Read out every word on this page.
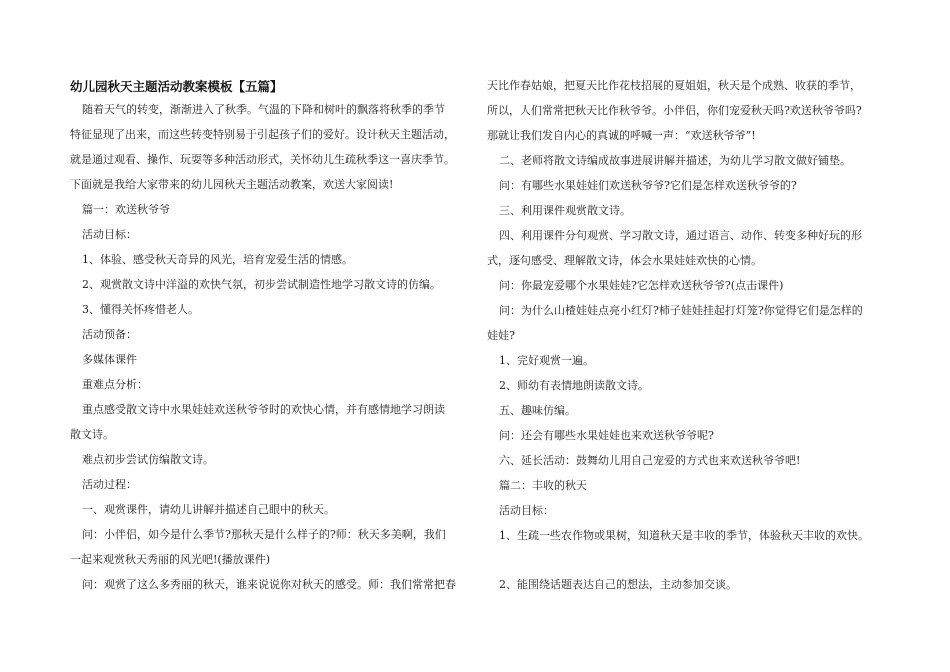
幼儿园秋天主题活动教案模板【五篇】
随着天气的转变，渐渐进入了秋季。气温的下降和树叶的飘落将秋季的季节
特征显现了出来，而这些转变特别易于引起孩子们的爱好。设计秋天主题活动，
就是通过观看、操作、玩耍等多种活动形式，关怀幼儿生疏秋季这一喜庆季节。
下面就是我给大家带来的幼儿园秋天主题活动教案，欢送大家阅读!
篇一：欢送秋爷爷
活动目标：
1、体验、感受秋天奇异的风光，培育宠爱生活的情感。
2、观赏散文诗中洋溢的欢快气氛，初步尝试制造性地学习散文诗的仿编。
3、懂得关怀疼惜老人。
活动预备：
多媒体课件
重难点分析：
重点感受散文诗中水果娃娃欢送秋爷爷时的欢快心情，并有感情地学习朗读
散文诗。
难点初步尝试仿编散文诗。
活动过程：
一、观赏课件，请幼儿讲解并描述自己眼中的秋天。
问：小伴侣，如今是什么季节?那秋天是什么样子的?师：秋天多美啊，我们
一起来观赏秋天秀丽的风光吧!(播放课件)
问：观赏了这么多秀丽的秋天，谁来说说你对秋天的感受。师：我们常常把春
天比作春姑娘，把夏天比作花枝招展的夏姐姐，秋天是个成熟、收获的季节，
所以，人们常常把秋天比作秋爷爷。小伴侣，你们宠爱秋天吗?欢送秋爷爷吗?
那就让我们发自内心的真诚的呼喊一声：“欢送秋爷爷”!
二、老师将散文诗编成故事进展讲解并描述，为幼儿学习散文做好铺垫。
问：有哪些水果娃娃们欢送秋爷爷?它们是怎样欢送秋爷爷的?
三、利用课件观赏散文诗。
四、利用课件分句观赏、学习散文诗，通过语言、动作、转变多种好玩的形
式，逐句感受、理解散文诗，体会水果娃娃欢快的心情。
问：你最宠爱哪个水果娃娃?它怎样欢送秋爷爷?(点击课件)
问：为什么山楂娃娃点亮小红灯?柿子娃娃挂起打灯笼?你觉得它们是怎样的
娃娃?
1、完好观赏一遍。
2、师幼有表情地朗读散文诗。
五、趣味仿编。
问：还会有哪些水果娃娃也来欢送秋爷爷呢?
六、延长活动：鼓舞幼儿用自己宠爱的方式也来欢送秋爷爷吧!
篇二：丰收的秋天
活动目标：
1、生疏一些农作物或果树，知道秋天是丰收的季节，体验秋天丰收的欢快。
2、能围绕话题表达自己的想法，主动参加交谈。
